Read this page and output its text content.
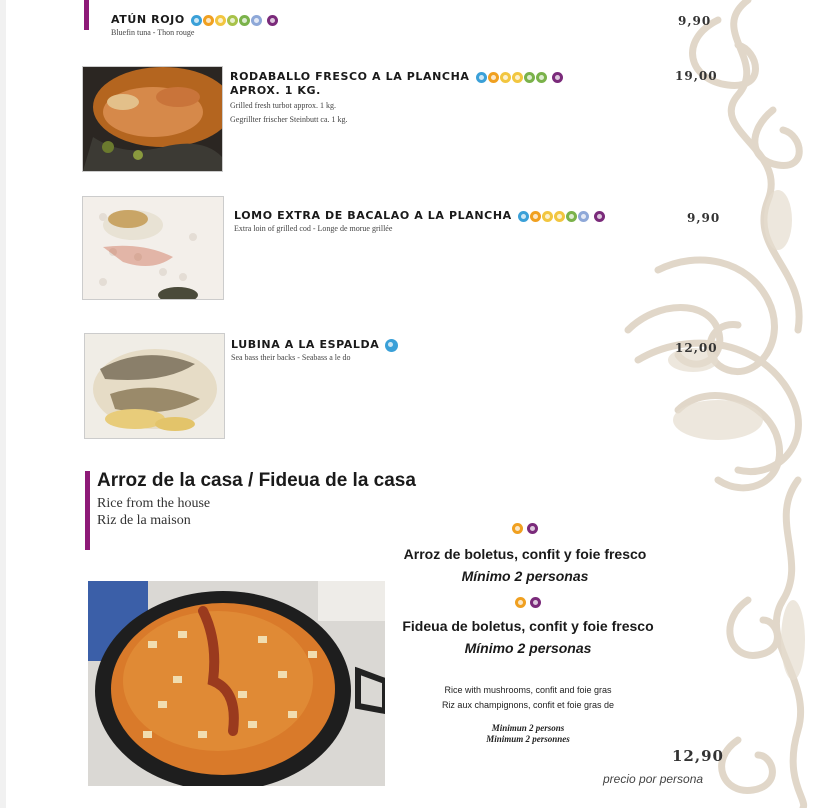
ATÚN ROJO
Bluefin tuna - Thon rouge
9,90
RODABALLO FRESCO A LA PLANCHA
APROX. 1 KG.
Grilled fresh turbot approx. 1 kg.
Gegrillter frischer Steinbutt ca. 1 kg.
19,00
LOMO EXTRA DE BACALAO A LA PLANCHA
Extra loin of grilled cod - Longe de morue grillée
9,90
LUBINA A LA ESPALDA
Sea bass their backs - Seabass a le do
12,00
Arroz de la casa / Fideua de la casa
Rice from the house
Riz de la maison
Arroz de boletus, confit y foie fresco
Mínimo 2 personas
Fideua de boletus, confit y foie fresco
Mínimo 2 personas
Rice with mushrooms, confit and foie gras
Riz aux champignons, confit et foie gras de
Minimun 2 persons
Minimum 2 personnes
12,90
precio por persona
